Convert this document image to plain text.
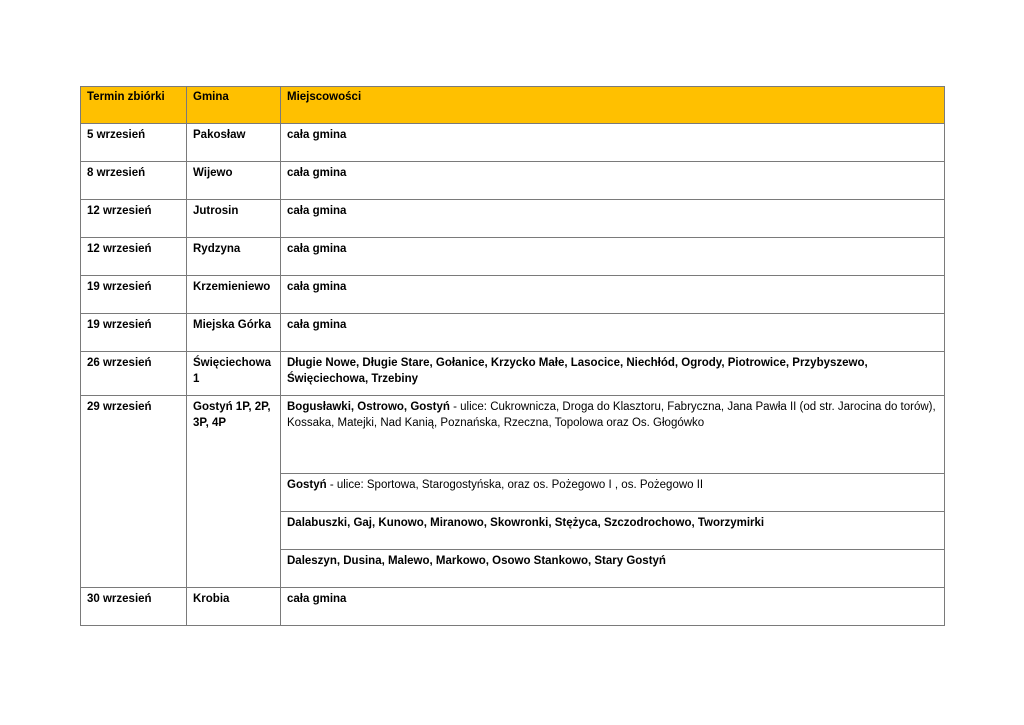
Termin zbiórki	Gmina	Miejscowości
5 wrzesień	Pakosław	cała gmina
8 wrzesień	Wijewo	cała gmina
12 wrzesień	Jutrosin	cała gmina
12 wrzesień	Rydzyna	cała gmina
19 wrzesień	Krzemieniewo	cała gmina
19 wrzesień	Miejska Górka	cała gmina
26 wrzesień	Święciechowa 1	Długie Nowe, Długie Stare, Gołanice, Krzycko Małe, Lasocice, Niechłód, Ogrody, Piotrowice, Przybyszewo, Święciechowa, Trzebiny
29 wrzesień	Gostyń 1P, 2P, 3P, 4P	Bogusławki, Ostrowo, Gostyń - ulice: Cukrownicza, Droga do Klasztoru, Fabryczna, Jana Pawła II (od str. Jarocina do torów), Kossaka, Matejki, Nad Kanią, Poznańska, Rzeczna, Topolowa oraz Os. Głogówko
		Gostyń - ulice: Sportowa, Starogostyńska, oraz os. Pożegowo I , os. Pożegowo II
		Dalabuszki, Gaj, Kunowo, Miranowo, Skowronki, Stężyca, Szczodrochowo, Tworzymirki
		Daleszyn, Dusina, Malewo, Markowo, Osowo Stankowo, Stary Gostyń
30 wrzesień	Krobia	cała gmina
